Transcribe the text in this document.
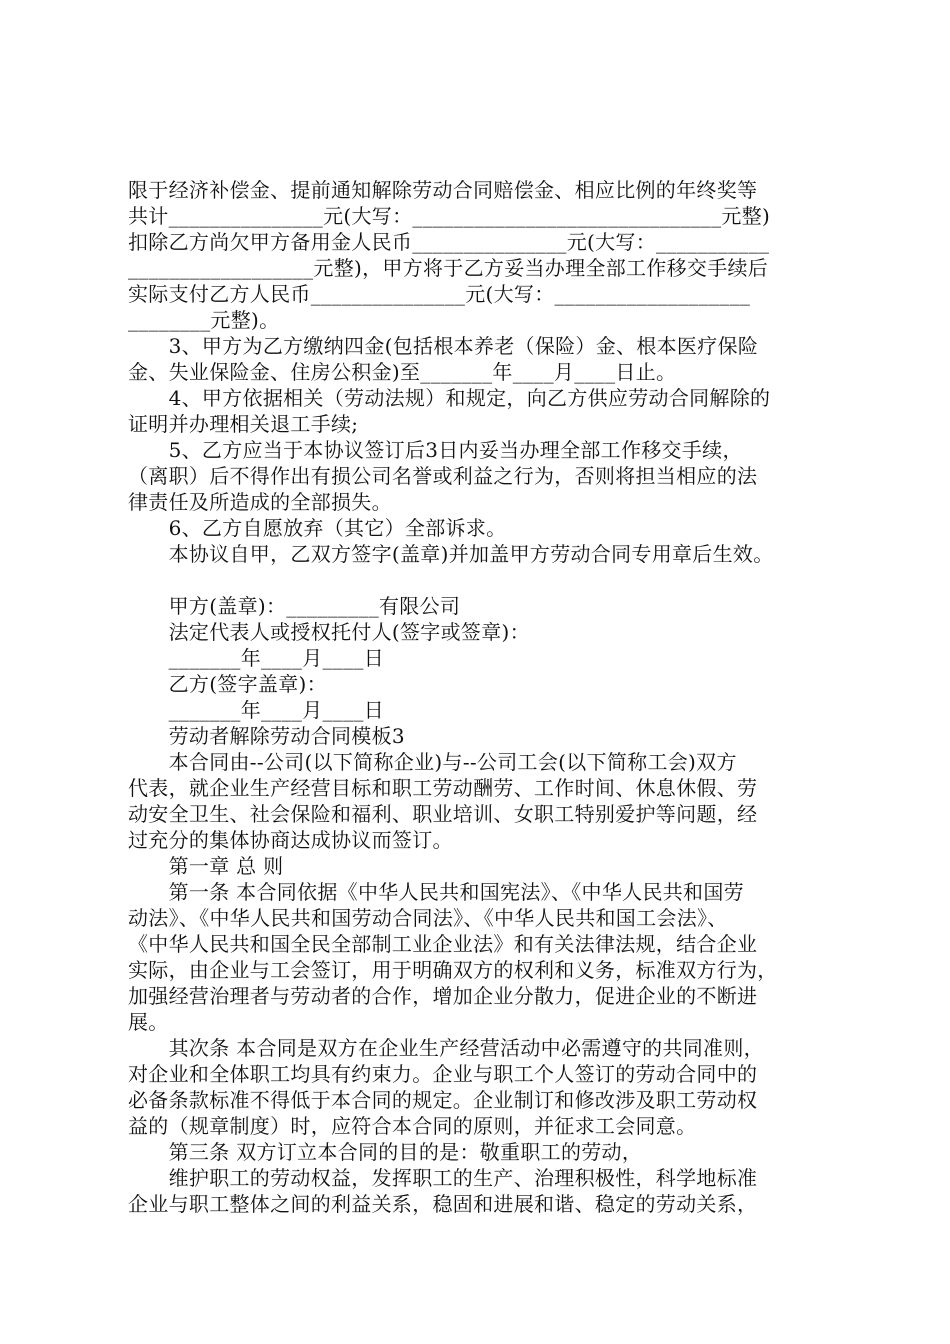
限于经济补偿金、提前通知解除劳动合同赔偿金、相应比例的年终奖等
共计_______________元(大写：______________________________元整)
扣除乙方尚欠甲方备用金人民币_______________元(大写：___________
__________________元整)，甲方将于乙方妥当办理全部工作移交手续后
实际支付乙方人民币_______________元(大写：___________________
________元整)。
　　3、甲方为乙方缴纳四金(包括根本养老（保险）金、根本医疗保险
金、失业保险金、住房公积金)至_______年____月____日止。
　　4、甲方依据相关（劳动法规）和规定，向乙方供应劳动合同解除的
证明并办理相关退工手续;
　　5、乙方应当于本协议签订后3日内妥当办理全部工作移交手续，
（离职）后不得作出有损公司名誉或利益之行为，否则将担当相应的法
律责任及所造成的全部损失。
　　6、乙方自愿放弃（其它）全部诉求。
　　本协议自甲，乙双方签字(盖章)并加盖甲方劳动合同专用章后生效。
　　甲方(盖章)：_________有限公司
　　法定代表人或授权托付人(签字或签章)：
　　_______年____月____日
　　乙方(签字盖章)：
　　_______年____月____日
　　劳动者解除劳动合同模板3
　　本合同由--公司(以下简称企业)与--公司工会(以下简称工会)双方
代表，就企业生产经营目标和职工劳动酬劳、工作时间、休息休假、劳
动安全卫生、社会保险和福利、职业培训、女职工特别爱护等问题，经
过充分的集体协商达成协议而签订。
　　第一章 总 则
　　第一条 本合同依据《中华人民共和国宪法》、《中华人民共和国劳
动法》、《中华人民共和国劳动合同法》、《中华人民共和国工会法》、
《中华人民共和国全民全部制工业企业法》和有关法律法规，结合企业
实际，由企业与工会签订，用于明确双方的权利和义务，标准双方行为，
加强经营治理者与劳动者的合作，增加企业分散力，促进企业的不断进
展。
　　其次条 本合同是双方在企业生产经营活动中必需遵守的共同准则，
对企业和全体职工均具有约束力。企业与职工个人签订的劳动合同中的
必备条款标准不得低于本合同的规定。企业制订和修改涉及职工劳动权
益的（规章制度）时，应符合本合同的原则，并征求工会同意。
　　第三条 双方订立本合同的目的是：敬重职工的劳动，
　　维护职工的劳动权益，发挥职工的生产、治理积极性，科学地标准
企业与职工整体之间的利益关系，稳固和进展和谐、稳定的劳动关系，
